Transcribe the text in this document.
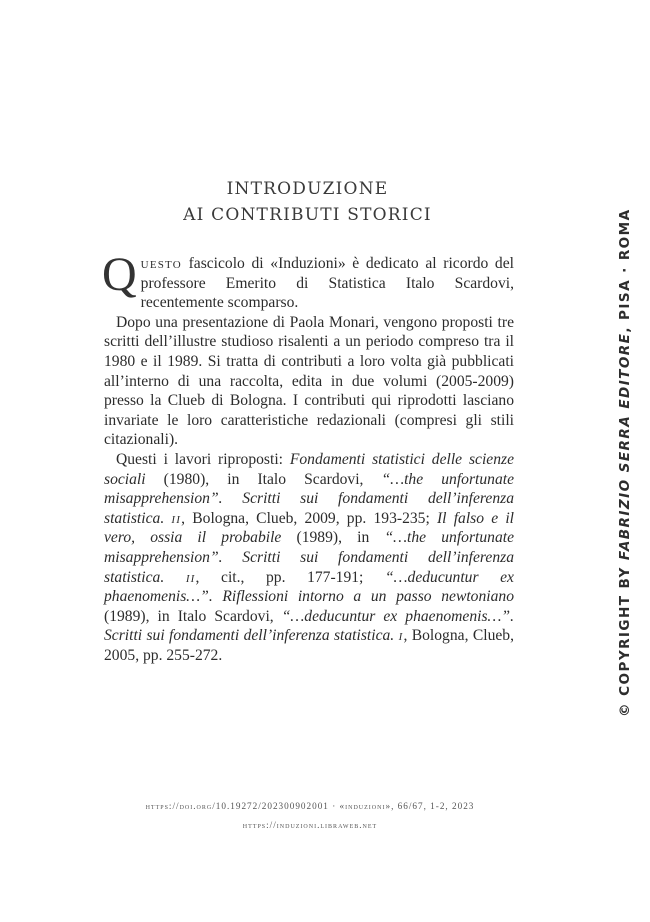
INTRODUZIONE
AI CONTRIBUTI STORICI

Questo fascicolo di «Induzioni» è dedicato al ricordo del professore Emerito di Statistica Italo Scardovi, recentemente scomparso.

Dopo una presentazione di Paola Monari, vengono proposti tre scritti dell’illustre studioso risalenti a un periodo compreso tra il 1980 e il 1989. Si tratta di contributi a loro volta già pubblicati all’interno di una raccolta, edita in due volumi (2005-2009) presso la Clueb di Bologna. I contributi qui riprodotti lasciano invariate le loro caratteristiche redazionali (compresi gli stili citazionali).

Questi i lavori riproposti: Fondamenti statistici delle scienze sociali (1980), in Italo Scardovi, “…the unfortunate misapprehension”. Scritti sui fondamenti dell’inferenza statistica. ii, Bologna, Clueb, 2009, pp. 193-235; Il falso e il vero, ossia il probabile (1989), in “…the unfortunate misapprehension”. Scritti sui fondamenti dell’inferenza statistica. ii, cit., pp. 177-191; “…deducuntur ex phaenomenis…”. Riflessioni intorno a un passo newtoniano (1989), in Italo Scardovi, “…deducuntur ex phaenomenis…”. Scritti sui fondamenti dell’inferenza statistica. i, Bologna, Clueb, 2005, pp. 255-272.

https://doi.org/10.19272/202300902001 · «induzioni», 66/67, 1-2, 2023
https://induzioni.libraweb.net
© COPYRIGHT BY FABRIZIO SERRA EDITORE, PISA · ROMA
